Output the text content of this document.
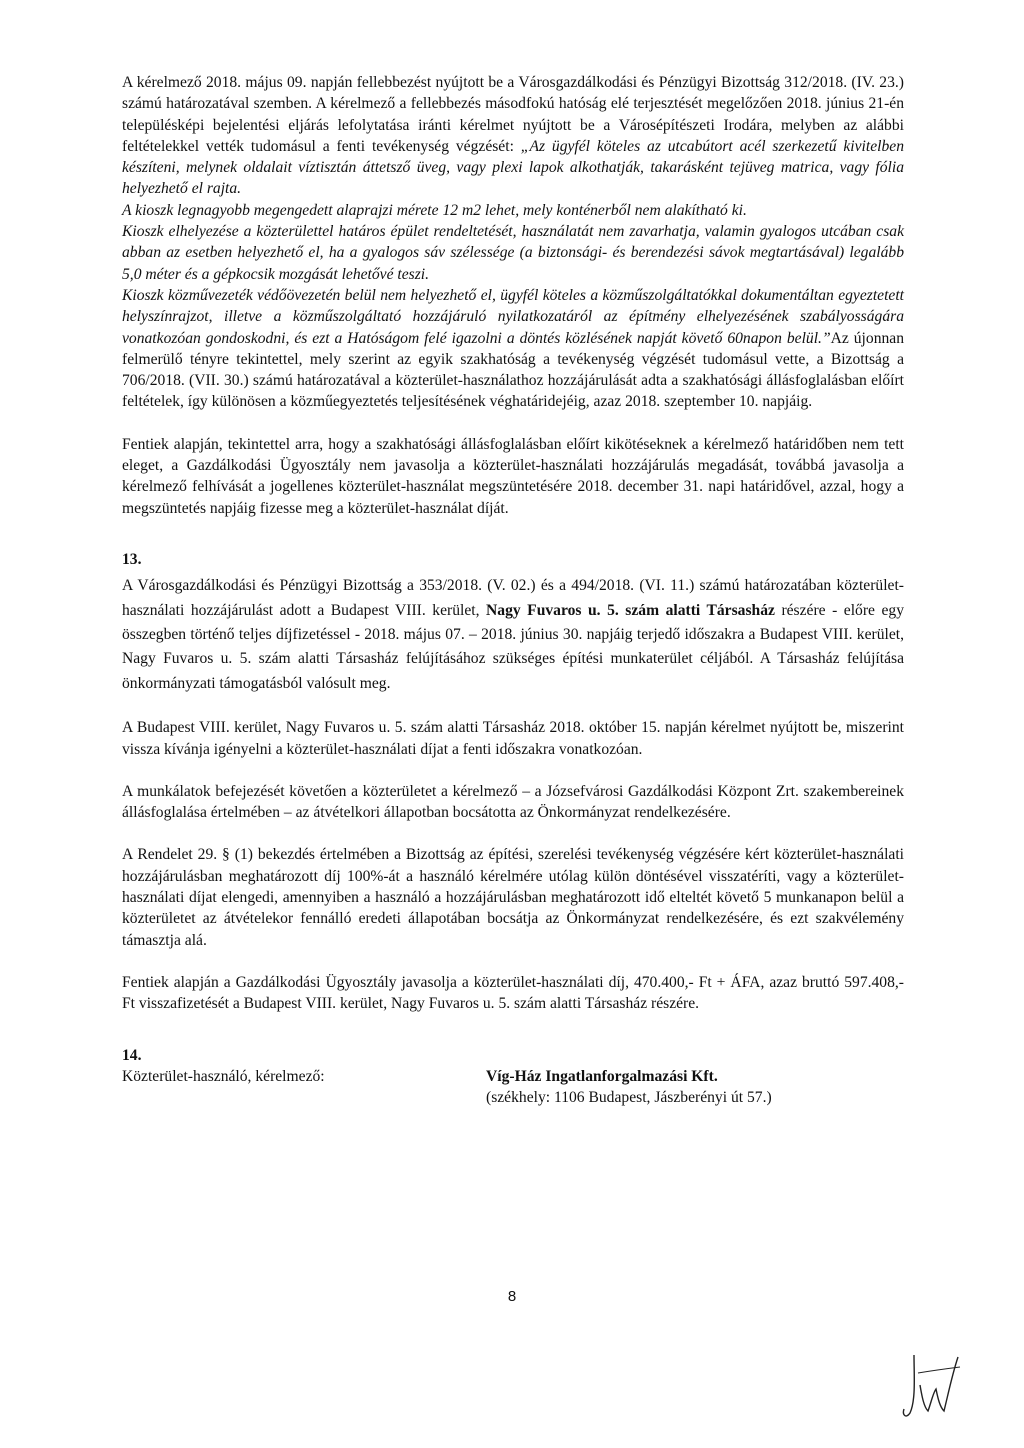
A kérelmező 2018. május 09. napján fellebbezést nyújtott be a Városgazdálkodási és Pénzügyi Bizottság 312/2018. (IV. 23.) számú határozatával szemben. A kérelmező a fellebbezés másodfokú hatóság elé terjesztését megelőzően 2018. június 21-én településképi bejelentési eljárás lefolytatása iránti kérelmet nyújtott be a Városépítészeti Irodára, melyben az alábbi feltételekkel vették tudomásul a fenti tevékenység végzését: „Az ügyfél köteles az utcabútort acél szerkezetű kivitelben készíteni, melynek oldalait víztisztán áttetsző üveg, vagy plexi lapok alkothatják, takarásként tejüveg matrica, vagy fólia helyezhető el rajta.

A kioszk legnagyobb megengedett alaprajzi mérete 12 m2 lehet, mely konténerből nem alakítható ki.

Kioszk elhelyezése a közterülettel határos épület rendeltetését, használatát nem zavarhatja, valamin gyalogos utcában csak abban az esetben helyezhető el, ha a gyalogos sáv szélessége (a biztonsági- és berendezési sávok megtartásával) legalább 5,0 méter és a gépkocsik mozgását lehetővé teszi.

Kioszk közművezeték védőövezetén belül nem helyezhető el, ügyfél köteles a közműszolgáltatókkal dokumentáltan egyeztetett helyszínrajzot, illetve a közműszolgáltató hozzájáruló nyilatkozatáról az építmény elhelyezésének szabályosságára vonatkozóan gondoskodni, és ezt a Hatóságom felé igazolni a döntés közlésének napját követő 60napon belül.”Az újonnan felmerülő tényre tekintettel, mely szerint az egyik szakhatóság a tevékenység végzését tudomásul vette, a Bizottság a 706/2018. (VII. 30.) számú határozatával a közterület-használathoz hozzájárulását adta a szakhatósági állásfoglalásban előírt feltételek, így különösen a közműegyeztetés teljesítésének véghatáridejéig, azaz 2018. szeptember 10. napjáig.

Fentiek alapján, tekintettel arra, hogy a szakhatósági állásfoglalásban előírt kikötéseknek a kérelmező határidőben nem tett eleget, a Gazdálkodási Ügyosztály nem javasolja a közterület-használati hozzájárulás megadását, továbbá javasolja a kérelmező felhívását a jogellenes közterület-használat megszüntetésére 2018. december 31. napi határidővel, azzal, hogy a megszüntetés napjáig fizesse meg a közterület-használat díját.

13.

A Városgazdálkodási és Pénzügyi Bizottság a 353/2018. (V. 02.) és a 494/2018. (VI. 11.) számú határozatában közterület-használati hozzájárulást adott a Budapest VIII. kerület, Nagy Fuvaros u. 5. szám alatti Társasház részére - előre egy összegben történő teljes díjfizetéssel - 2018. május 07. – 2018. június 30. napjáig terjedő időszakra a Budapest VIII. kerület, Nagy Fuvaros u. 5. szám alatti Társasház felújításához szükséges építési munkaterület céljából. A Társasház felújítása önkormányzati támogatásból valósult meg.

A Budapest VIII. kerület, Nagy Fuvaros u. 5. szám alatti Társasház 2018. október 15. napján kérelmet nyújtott be, miszerint vissza kívánja igényelni a közterület-használati díjat a fenti időszakra vonatkozóan.

A munkálatok befejezését követően a közterületet a kérelmező – a Józsefvárosi Gazdálkodási Központ Zrt. szakembereinek állásfoglalása értelmében – az átvételkori állapotban bocsátotta az Önkormányzat rendelkezésére.

A Rendelet 29. § (1) bekezdés értelmében a Bizottság az építési, szerelési tevékenység végzésére kért közterület-használati hozzájárulásban meghatározott díj 100%-át a használó kérelmére utólag külön döntésével visszatéríti, vagy a közterület-használati díjat elengedi, amennyiben a használó a hozzájárulásban meghatározott idő elteltét követő 5 munkanapon belül a közterületet az átvételekor fennálló eredeti állapotában bocsátja az Önkormányzat rendelkezésére, és ezt szakvélemény támasztja alá.

Fentiek alapján a Gazdálkodási Ügyosztály javasolja a közterület-használati díj, 470.400,- Ft + ÁFA, azaz bruttó 597.408,- Ft visszafizetését a Budapest VIII. kerület, Nagy Fuvaros u. 5. szám alatti Társasház részére.

14.

Közterület-használó, kérelmező:	Víg-Ház Ingatlanforgalmazási Kft.
(székhely: 1106 Budapest, Jászberényi út 57.)
8
